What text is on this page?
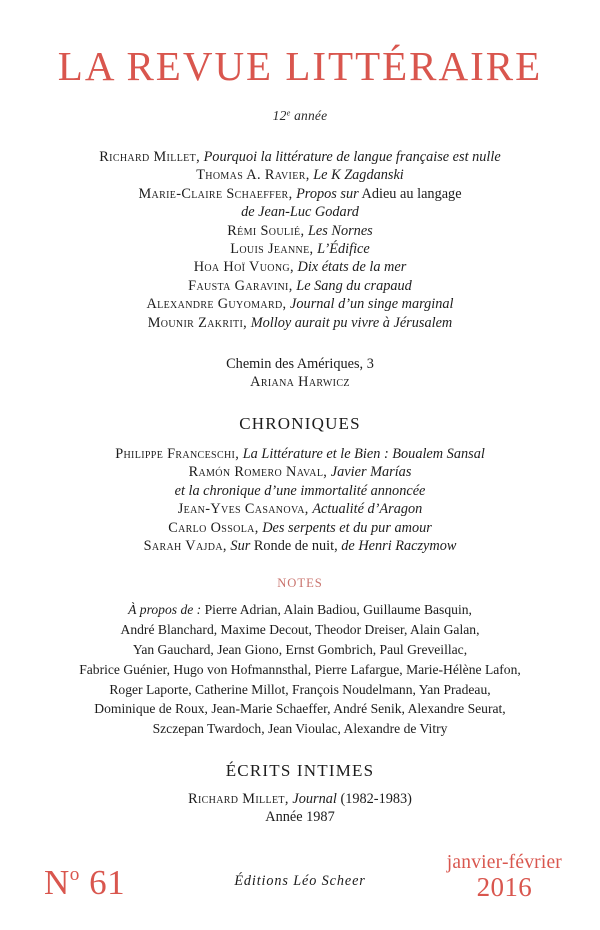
LA REVUE LITTÉRAIRE
12e année
Richard Millet, Pourquoi la littérature de langue française est nulle
Thomas A. Ravier, Le K Zagdanski
Marie-Claire Schaeffer, Propos sur Adieu au langage
de Jean-Luc Godard
Rémi Soulié, Les Nornes
Louis Jeanne, L’Édifice
Hoa Hoï Vuong, Dix états de la mer
Fausta Garavini, Le Sang du crapaud
Alexandre Guyomard, Journal d’un singe marginal
Mounir Zakriti, Molloy aurait pu vivre à Jérusalem
Chemin des Amériques, 3
Ariana Harwicz
CHRONIQUES
Philippe Franceschi, La Littérature et le Bien : Boualem Sansal
Ramón Romero Naval, Javier Marías
et la chronique d’une immortalité annoncée
Jean-Yves Casanova, Actualité d’Aragon
Carlo Ossola, Des serpents et du pur amour
Sarah Vajda, Sur Ronde de nuit, de Henri Raczymow
NOTES
À propos de : Pierre Adrian, Alain Badiou, Guillaume Basquin,
André Blanchard, Maxime Decout, Theodor Dreiser, Alain Galan,
Yan Gauchard, Jean Giono, Ernst Gombrich, Paul Greveillac,
Fabrice Guénier, Hugo von Hofmannsthal, Pierre Lafargue, Marie-Hélène Lafon,
Roger Laporte, Catherine Millot, François Noudelmann, Yan Pradeau,
Dominique de Roux, Jean-Marie Schaeffer, André Senik, Alexandre Seurat,
Szczepan Twardoch, Jean Vioulac, Alexandre de Vitry
ÉCRITS INTIMES
Richard Millet, Journal (1982-1983)
Année 1987
$N^o$ 61	Éditions Léo Scheer
janvier-février
2016
